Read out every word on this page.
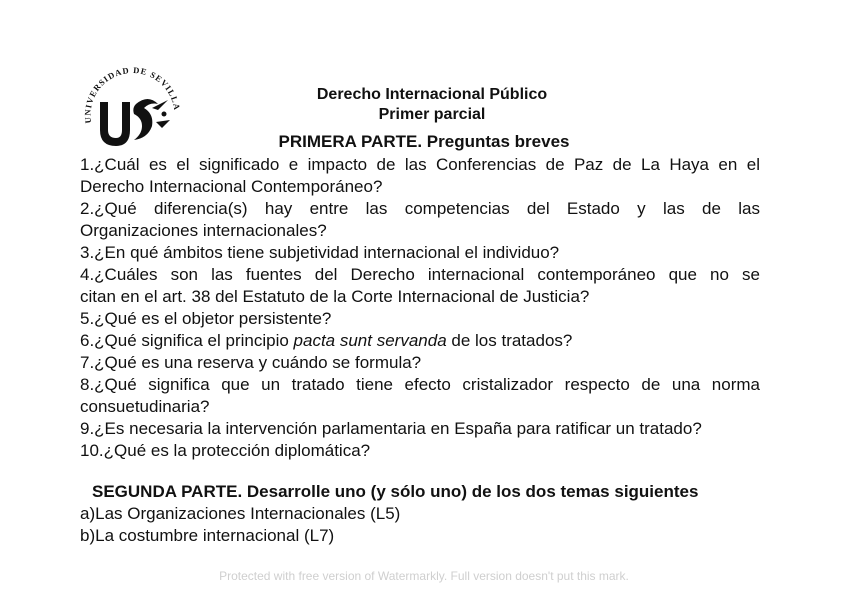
UNIVERSIDAD DE SEVILLA
Derecho Internacional Público
Primer parcial
PRIMERA PARTE. Preguntas breves
1.¿Cuál es el significado e impacto de las Conferencias de Paz de La Haya en el
Derecho Internacional Contemporáneo?
2.¿Qué diferencia(s) hay entre las competencias del Estado y las de las
Organizaciones internacionales?
3.¿En qué ámbitos tiene subjetividad internacional el individuo?
4.¿Cuáles son las fuentes del Derecho internacional contemporáneo que no se
citan en el art. 38 del Estatuto de la Corte Internacional de Justicia?
5.¿Qué es el objetor persistente?
6.¿Qué significa el principio pacta sunt servanda de los tratados?
7.¿Qué es una reserva y cuándo se formula?
8.¿Qué significa que un tratado tiene efecto cristalizador respecto de una norma
consuetudinaria?
9.¿Es necesaria la intervención parlamentaria en España para ratificar un tratado?
10.¿Qué es la protección diplomática?
SEGUNDA PARTE. Desarrolle uno (y sólo uno) de los dos temas siguientes
a)Las Organizaciones Internacionales (L5)
b)La costumbre internacional (L7)
Protected with free version of Watermarkly. Full version doesn't put this mark.
